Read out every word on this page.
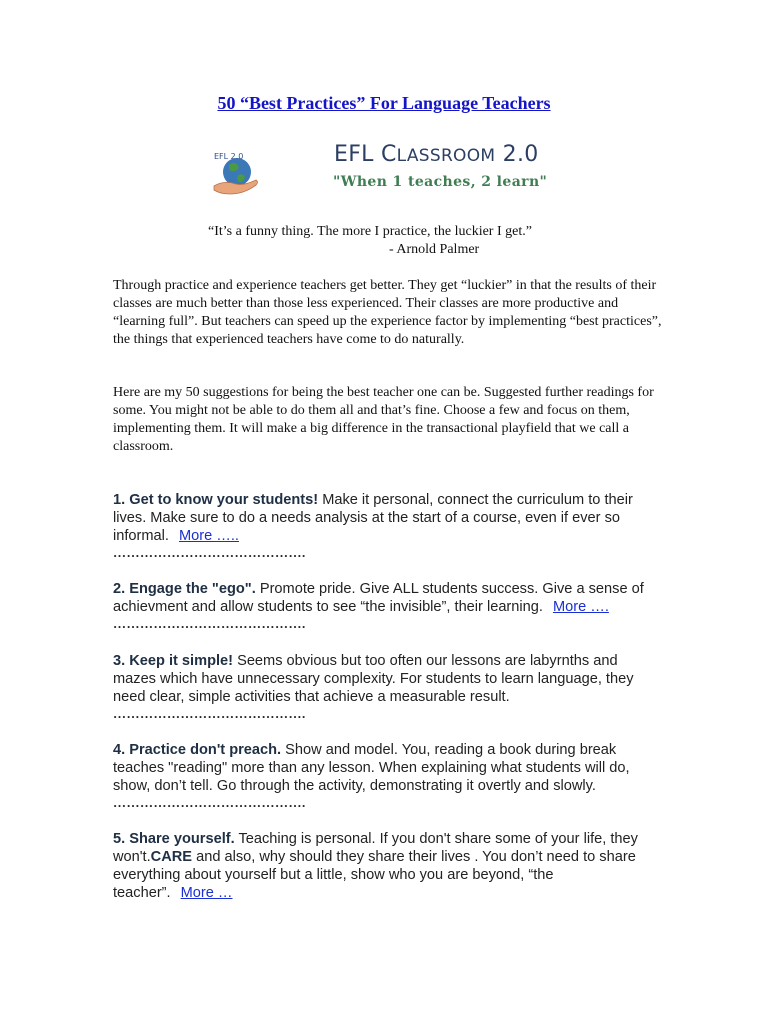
50 “Best Practices” For Language Teachers
EFL 2.0	EFL CLASSROOM 2.0
"When 1 teaches, 2 learn"
“It’s a funny thing. The more I practice, the luckier I get.”
- Arnold Palmer

Through practice and experience teachers get better. They get “luckier” in that the results of their classes are much better than those less experienced. Their classes are more productive and “learning full”. But teachers can speed up the experience factor by implementing “best practices”, the things that experienced teachers have come to do naturally.

Here are my 50 suggestions for being the best teacher one can be. Suggested further readings for some. You might not be able to do them all and that’s fine. Choose a few and focus on them, implementing them. It will make a big difference in the transactional playfield that we call a classroom.

1. Get to know your students! Make it personal, connect the curriculum to their lives. Make sure to do a needs analysis at the start of a course, even if ever so informal. More …..
…………………………………….
2. Engage the "ego". Promote pride. Give ALL students success. Give a sense of achievment and allow students to see “the invisible”, their learning. More ….
…………………………………….
3. Keep it simple! Seems obvious but too often our lessons are labyrnths and mazes which have unnecessary complexity. For students to learn language, they need clear, simple activities that achieve a measurable result.
…………………………………….
4. Practice don't preach. Show and model. You, reading a book during break teaches "reading" more than any lesson. When explaining what students will do, show, don’t tell. Go through the activity, demonstrating it overtly and slowly.
…………………………………….
5. Share yourself. Teaching is personal. If you don't share some of your life, they won't.CARE and also, why should they share their lives . You don’t need to share everything about yourself but a little, show who you are beyond, “the teacher”. More …
